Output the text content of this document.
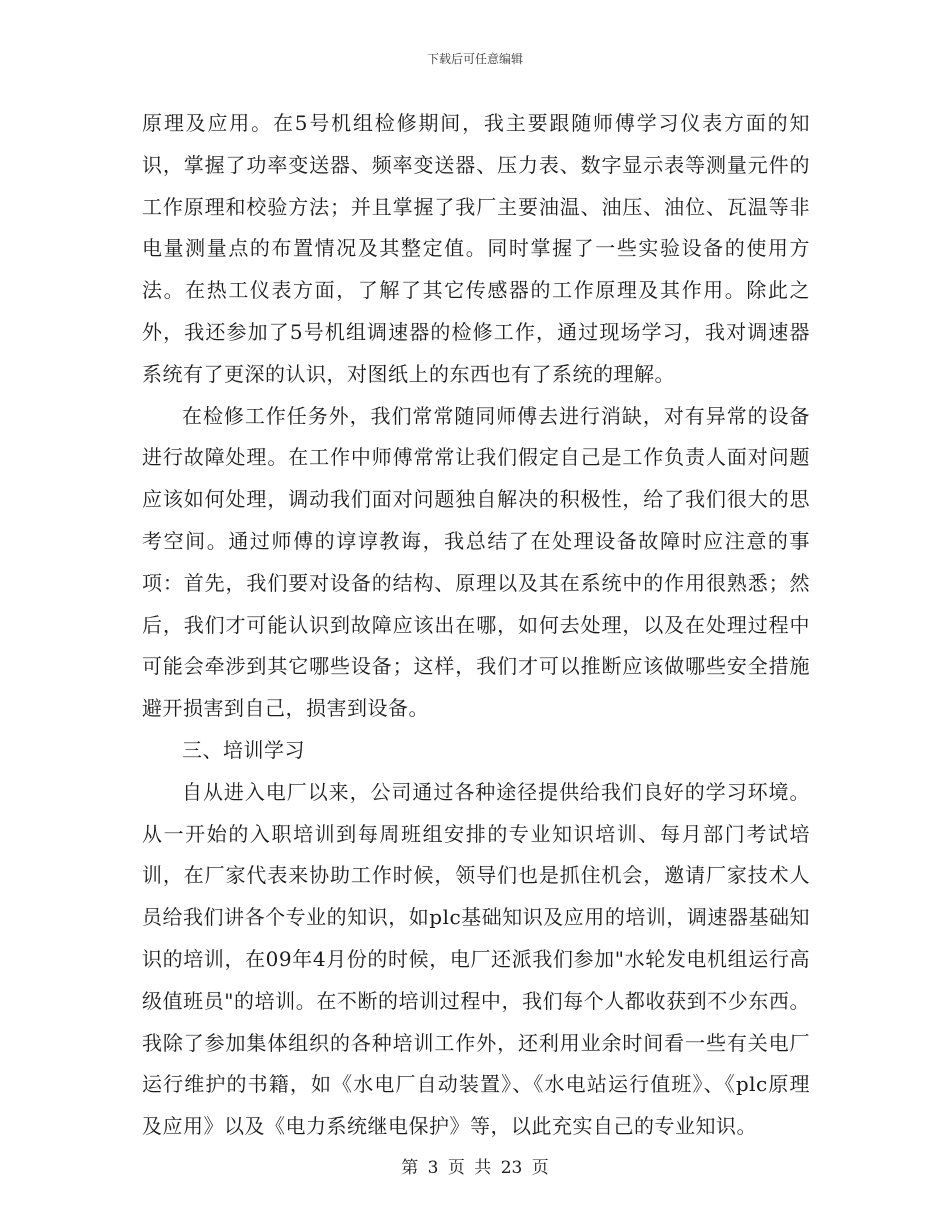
下载后可任意编辑

原理及应用。在5号机组检修期间，我主要跟随师傅学习仪表方面的知识，掌握了功率变送器、频率变送器、压力表、数字显示表等测量元件的工作原理和校验方法；并且掌握了我厂主要油温、油压、油位、瓦温等非电量测量点的布置情况及其整定值。同时掌握了一些实验设备的使用方法。在热工仪表方面，了解了其它传感器的工作原理及其作用。除此之外，我还参加了5号机组调速器的检修工作，通过现场学习，我对调速器系统有了更深的认识，对图纸上的东西也有了系统的理解。

在检修工作任务外，我们常常随同师傅去进行消缺，对有异常的设备进行故障处理。在工作中师傅常常让我们假定自己是工作负责人面对问题应该如何处理，调动我们面对问题独自解决的积极性，给了我们很大的思考空间。通过师傅的谆谆教诲，我总结了在处理设备故障时应注意的事项：首先，我们要对设备的结构、原理以及其在系统中的作用很熟悉；然后，我们才可能认识到故障应该出在哪，如何去处理，以及在处理过程中可能会牵涉到其它哪些设备；这样，我们才可以推断应该做哪些安全措施避开损害到自己，损害到设备。

三、培训学习

自从进入电厂以来，公司通过各种途径提供给我们良好的学习环境。从一开始的入职培训到每周班组安排的专业知识培训、每月部门考试培训，在厂家代表来协助工作时候，领导们也是抓住机会，邀请厂家技术人员给我们讲各个专业的知识，如plc基础知识及应用的培训，调速器基础知识的培训，在09年4月份的时候，电厂还派我们参加"水轮发电机组运行高级值班员"的培训。在不断的培训过程中，我们每个人都收获到不少东西。我除了参加集体组织的各种培训工作外，还利用业余时间看一些有关电厂运行维护的书籍，如《水电厂自动装置》、《水电站运行值班》、《plc原理及应用》以及《电力系统继电保护》等，以此充实自己的专业知识。

第 3 页 共 23 页
